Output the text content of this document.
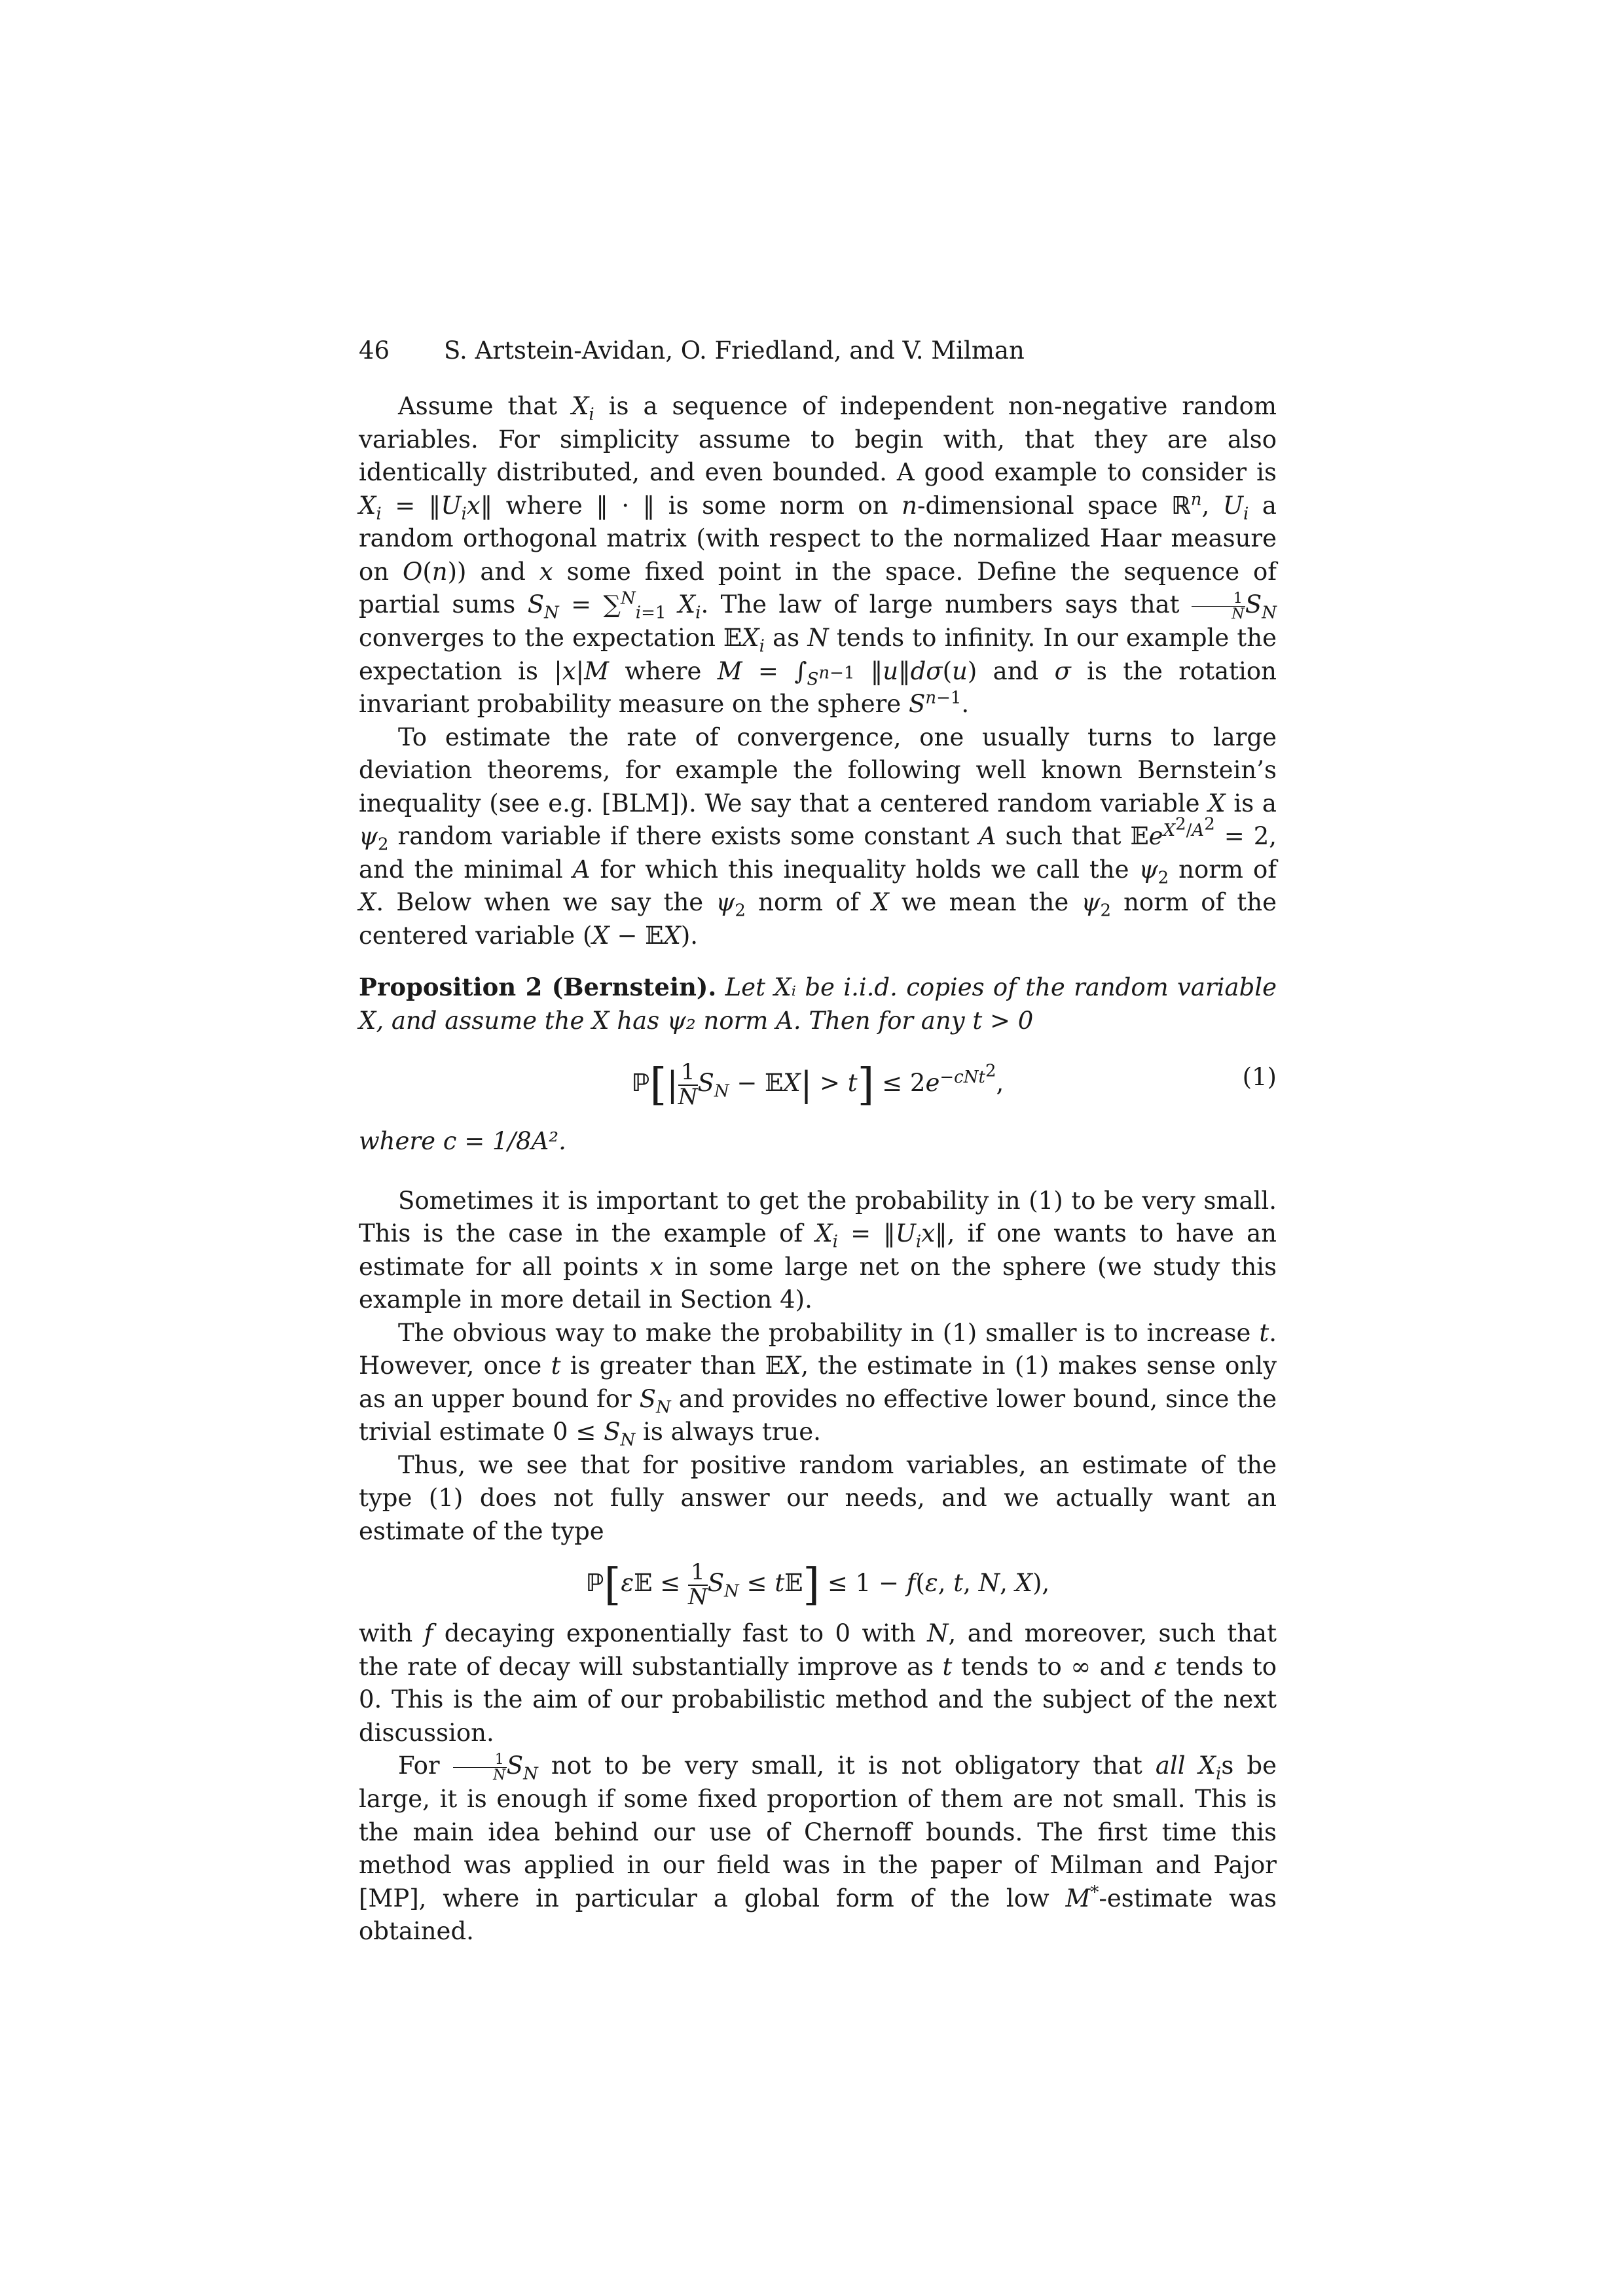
46 S. Artstein-Avidan, O. Friedland, and V. Milman

Assume that $X_i$ is a sequence of independent non-negative random variables. For simplicity assume to begin with, that they are also identically distributed, and even bounded. A good example to consider is $X_i$ = $‖U_ix‖$ where ‖ · ‖ is some norm on n-dimensional space ℝ$^n$, $U_i$ a random orthogonal matrix (with respect to the normalized Haar measure on O(n)) and x some fixed point in the space. Define the sequence of partial sums $S_N = \sum^N_{i=1}$ $X_i$. The law of large numbers says that $\frac{1}{N} S_N$ converges to the expectation 𝔼X$_i$ as N tends to infinity. In our example the expectation is |x|M where $M = \int_{S^{n-1}}$ ‖u‖dσ(u) and σ is the rotation invariant probability measure on the sphere $S^{n-1}$.

To estimate the rate of convergence, one usually turns to large deviation theorems, for example the following well known Bernstein’s inequality (see e.g. [BLM]). We say that a centered random variable X is a $\psi_2$ random variable if there exists some constant A such that 𝔼e$^{X^2/A^2}$ = 2, and the minimal A for which this inequality holds we call the $\psi_2$ norm of X. Below when we say the $\psi_2$ norm of X we mean the $\psi_2$ norm of the centered variable (X − 𝔼X).

Proposition 2 (Bernstein). Let Xᵢ be i.i.d. copies of the random variable X, and assume the X has ψ₂ norm A. Then for any t > 0
ℙ[| $\frac{1}{N} S_N$ − 𝔼X| > $t] \le 2e^{-cNt^2}$,	(1)
where c = 1/8A².

Sometimes it is important to get the probability in (1) to be very small. This is the case in the example of $X_i$ = $‖U_ix‖$, if one wants to have an estimate for all points x in some large net on the sphere (we study this example in more detail in Section 4).

The obvious way to make the probability in (1) smaller is to increase t. However, once t is greater than 𝔼X, the estimate in (1) makes sense only as an upper bound for $S_N$ and provides no effective lower bound, since the trivial estimate $0 \le S_N$ is always true.

Thus, we see that for positive random variables, an estimate of the type (1) does not fully answer our needs, and we actually want an estimate of the type

ℙ[ε𝔼 ≤ $\frac{1}{N} S_N$ ≤ t𝔼] ≤ 1 − f(ε, t, N, X),

with f decaying exponentially fast to 0 with N, and moreover, such that the rate of decay will substantially improve as t tends to ∞ and ε tends to 0. This is the aim of our probabilistic method and the subject of the next discussion.

For $\frac{1}{N} S_N$ not to be very small, it is not obligatory that all $X_is$ be large, it is enough if some fixed proportion of them are not small. This is the main idea behind our use of Chernoff bounds. The first time this method was applied in our field was in the paper of Milman and Pajor [MP], where in particular a global form of the low M*-estimate was obtained.
